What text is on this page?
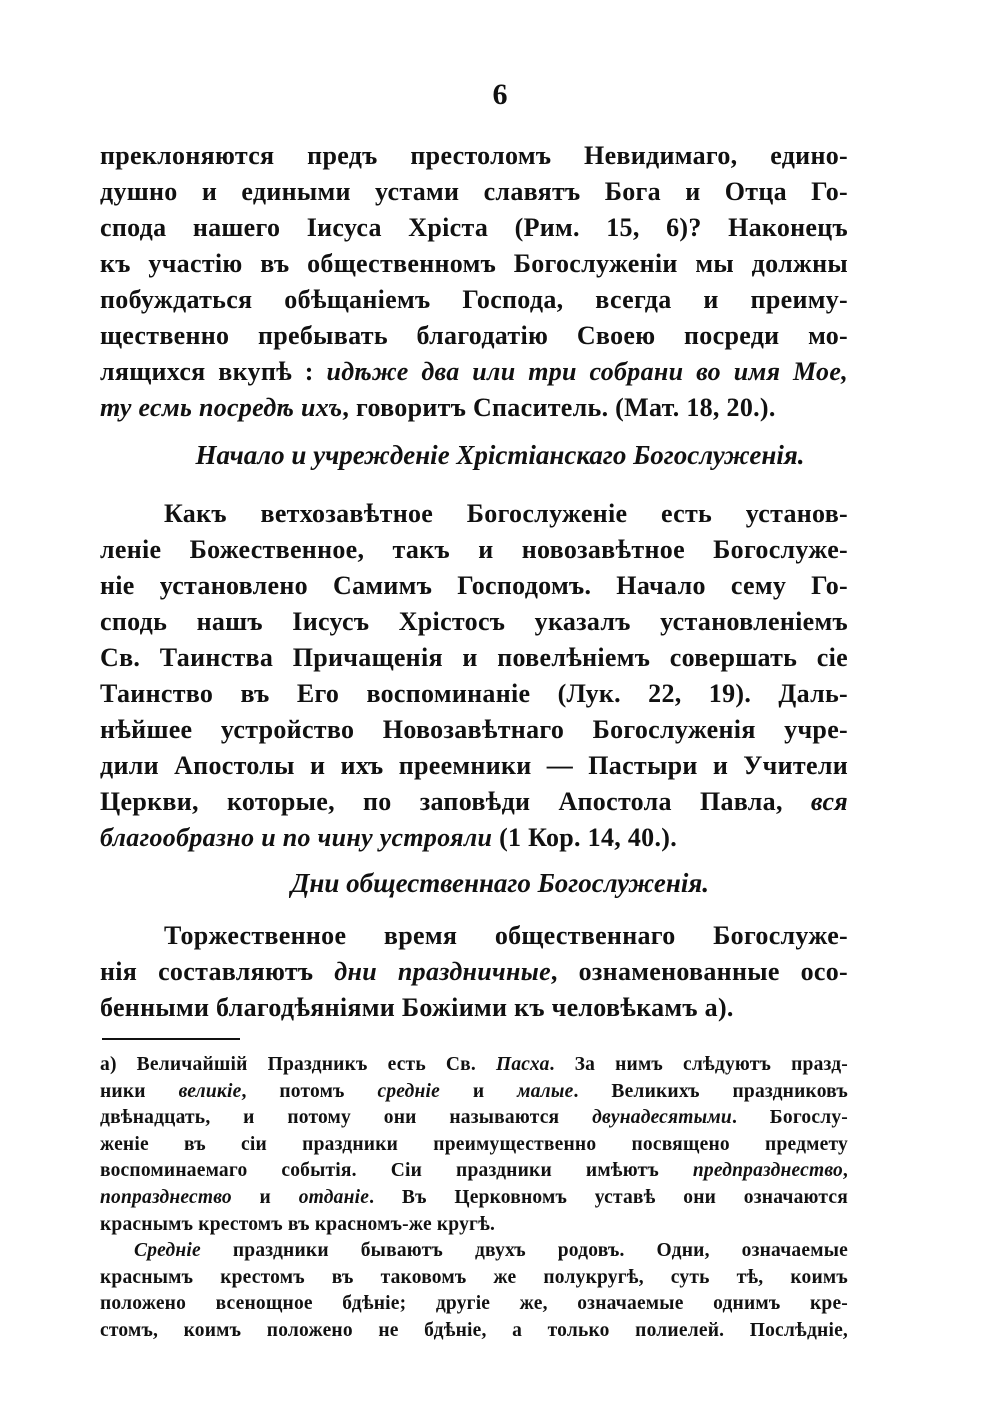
6
преклоняются предъ престоломъ Невидимаго, едино-
душно и едиными устами славятъ Бога и Отца Го-
спода нашего Іисуса Хріста (Рим. 15, 6)? Наконецъ
къ участію въ общественномъ Богослуженіи мы должны
побуждаться обѣщаніемъ Господа, всегда и преиму-
щественно пребывать благодатію Своею посреди мо-
лящихся вкупѣ : идѣже два или три собрани во имя Мое,
ту есмь посредѣ ихъ, говоритъ Спаситель. (Мат. 18, 20.).
Начало и учрежденіе Хрістіанскаго Богослуженія.
Какъ ветхозавѣтное Богослуженіе есть установ-
леніе Божественное, такъ и новозавѣтное Богослуже-
ніе установлено Самимъ Господомъ. Начало сему Го-
сподь нашъ Іисусъ Хрістосъ указалъ установленіемъ
Св. Таинства Причащенія и повелѣніемъ совершать сіе
Таинство въ Его воспоминаніе (Лук. 22, 19). Даль-
нѣйшее устройство Новозавѣтнаго Богослуженія учре-
дили Апостолы и ихъ преемники — Пастыри и Учители
Церкви, которые, по заповѣди Апостола Павла, вся
благообразно и по чину устрояли (1 Кор. 14, 40.).
Дни общественнаго Богослуженія.
Торжественное время общественнаго Богослуже-
нія составляютъ дни праздничные, ознаменованные осо-
бенными благодѣяніями Божіими къ человѣкамъ а).
а) Величайшій Праздникъ есть Св. Пасха. За нимъ слѣдуютъ празд-
ники великіе, потомъ средніе и малые. Великихъ праздниковъ
двѣнадцать, и потому они называются двунадесятыми. Богослу-
женіе въ сіи праздники преимущественно посвящено предмету
воспоминаемаго событія. Сіи праздники имѣютъ предпразднество,
попразднество и отданіе. Въ Церковномъ уставѣ они означаются
краснымъ крестомъ въ красномъ-же кругѣ.
Средніе праздники бываютъ двухъ родовъ. Одни, означаемые
краснымъ крестомъ въ таковомъ же полукругѣ, суть тѣ, коимъ
положено всенощное бдѣніе; другіе же, означаемые однимъ кре-
стомъ, коимъ положено не бдѣніе, а только полиелей. Послѣдніе,
